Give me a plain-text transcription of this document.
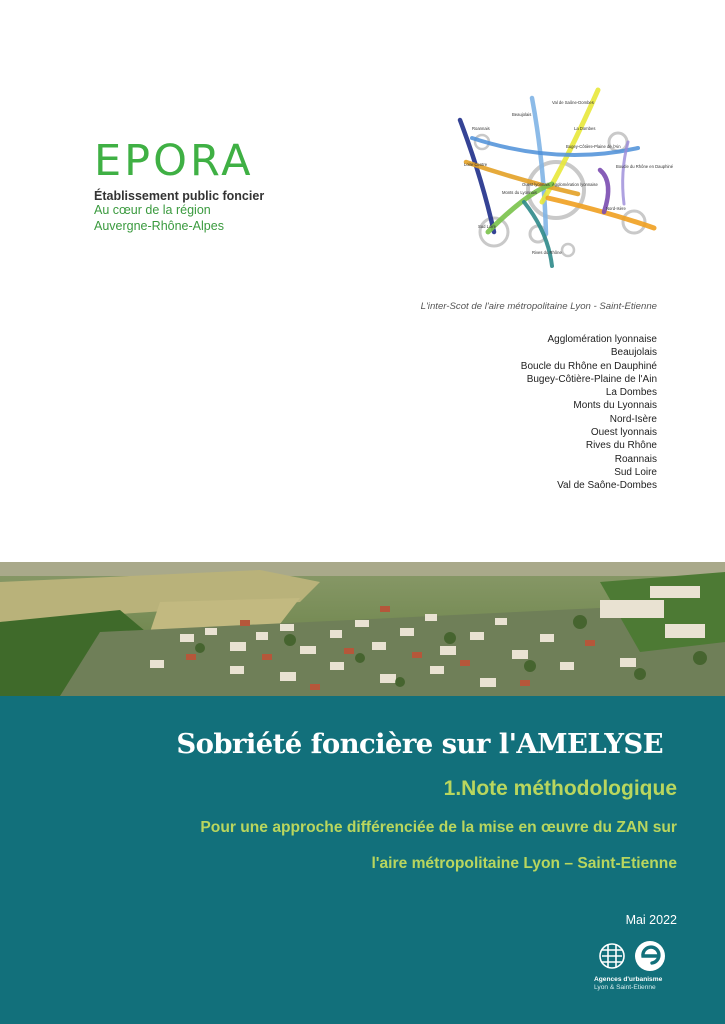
EPORA
Établissement public foncier
Au cœur de la région
Auvergne-Rhône-Alpes
Beaujolais
Val de Saône-Dombes
Roannais	La Dombes
Bugey-Côtière-Plaine de l'Ain
Boucle du Rhône en Dauphiné
Loire Centre
Ouest lyonnais Agglomération lyonnaise
Monts du Lyonnais
Nord-Isère
Sud Loire
Rives du Rhône
L'inter-Scot de l'aire métropolitaine Lyon - Saint-Etienne
Agglomération lyonnaise
Beaujolais
Boucle du Rhône en Dauphiné
Bugey-Côtière-Plaine de l'Ain
La Dombes
Monts du Lyonnais
Nord-Isère
Ouest lyonnais
Rives du Rhône
Roannais
Sud Loire
Val de Saône-Dombes
Sobriété foncière sur l'AMELYSE
1.Note méthodologique
Pour une approche différenciée de la mise en œuvre du ZAN sur
l'aire métropolitaine Lyon – Saint-Etienne
Mai 2022
Agences d'urbanisme
Lyon & Saint-Etienne
